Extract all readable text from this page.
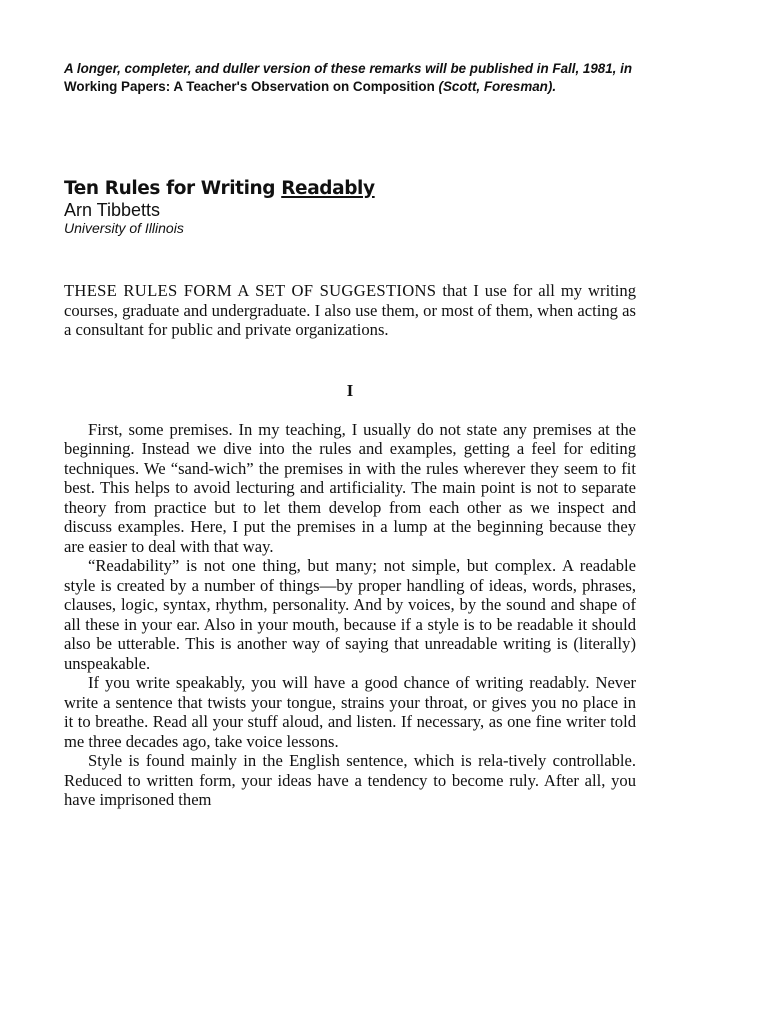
A longer, completer, and duller version of these remarks will be published in Fall, 1981, in Working Papers: A Teacher's Observation on Composition (Scott, Foresman).

Ten Rules for Writing Readably

Arn Tibbetts

University of Illinois

THESE RULES FORM A SET OF SUGGESTIONS that I use for all my writing courses, graduate and undergraduate. I also use them, or most of them, when acting as a consultant for public and private organizations.

I

First, some premises. In my teaching, I usually do not state any premises at the beginning. Instead we dive into the rules and examples, getting a feel for editing techniques. We “sand-wich” the premises in with the rules wherever they seem to fit best. This helps to avoid lecturing and artificiality. The main point is not to separate theory from practice but to let them develop from each other as we inspect and discuss examples. Here, I put the premises in a lump at the beginning because they are easier to deal with that way.

“Readability” is not one thing, but many; not simple, but complex. A readable style is created by a number of things—by proper handling of ideas, words, phrases, clauses, logic, syntax, rhythm, personality. And by voices, by the sound and shape of all these in your ear. Also in your mouth, because if a style is to be readable it should also be utterable. This is another way of saying that unreadable writing is (literally) unspeakable.

If you write speakably, you will have a good chance of writing readably. Never write a sentence that twists your tongue, strains your throat, or gives you no place in it to breathe. Read all your stuff aloud, and listen. If necessary, as one fine writer told me three decades ago, take voice lessons.

Style is found mainly in the English sentence, which is rela-tively controllable. Reduced to written form, your ideas have a tendency to become ruly. After all, you have imprisoned them
